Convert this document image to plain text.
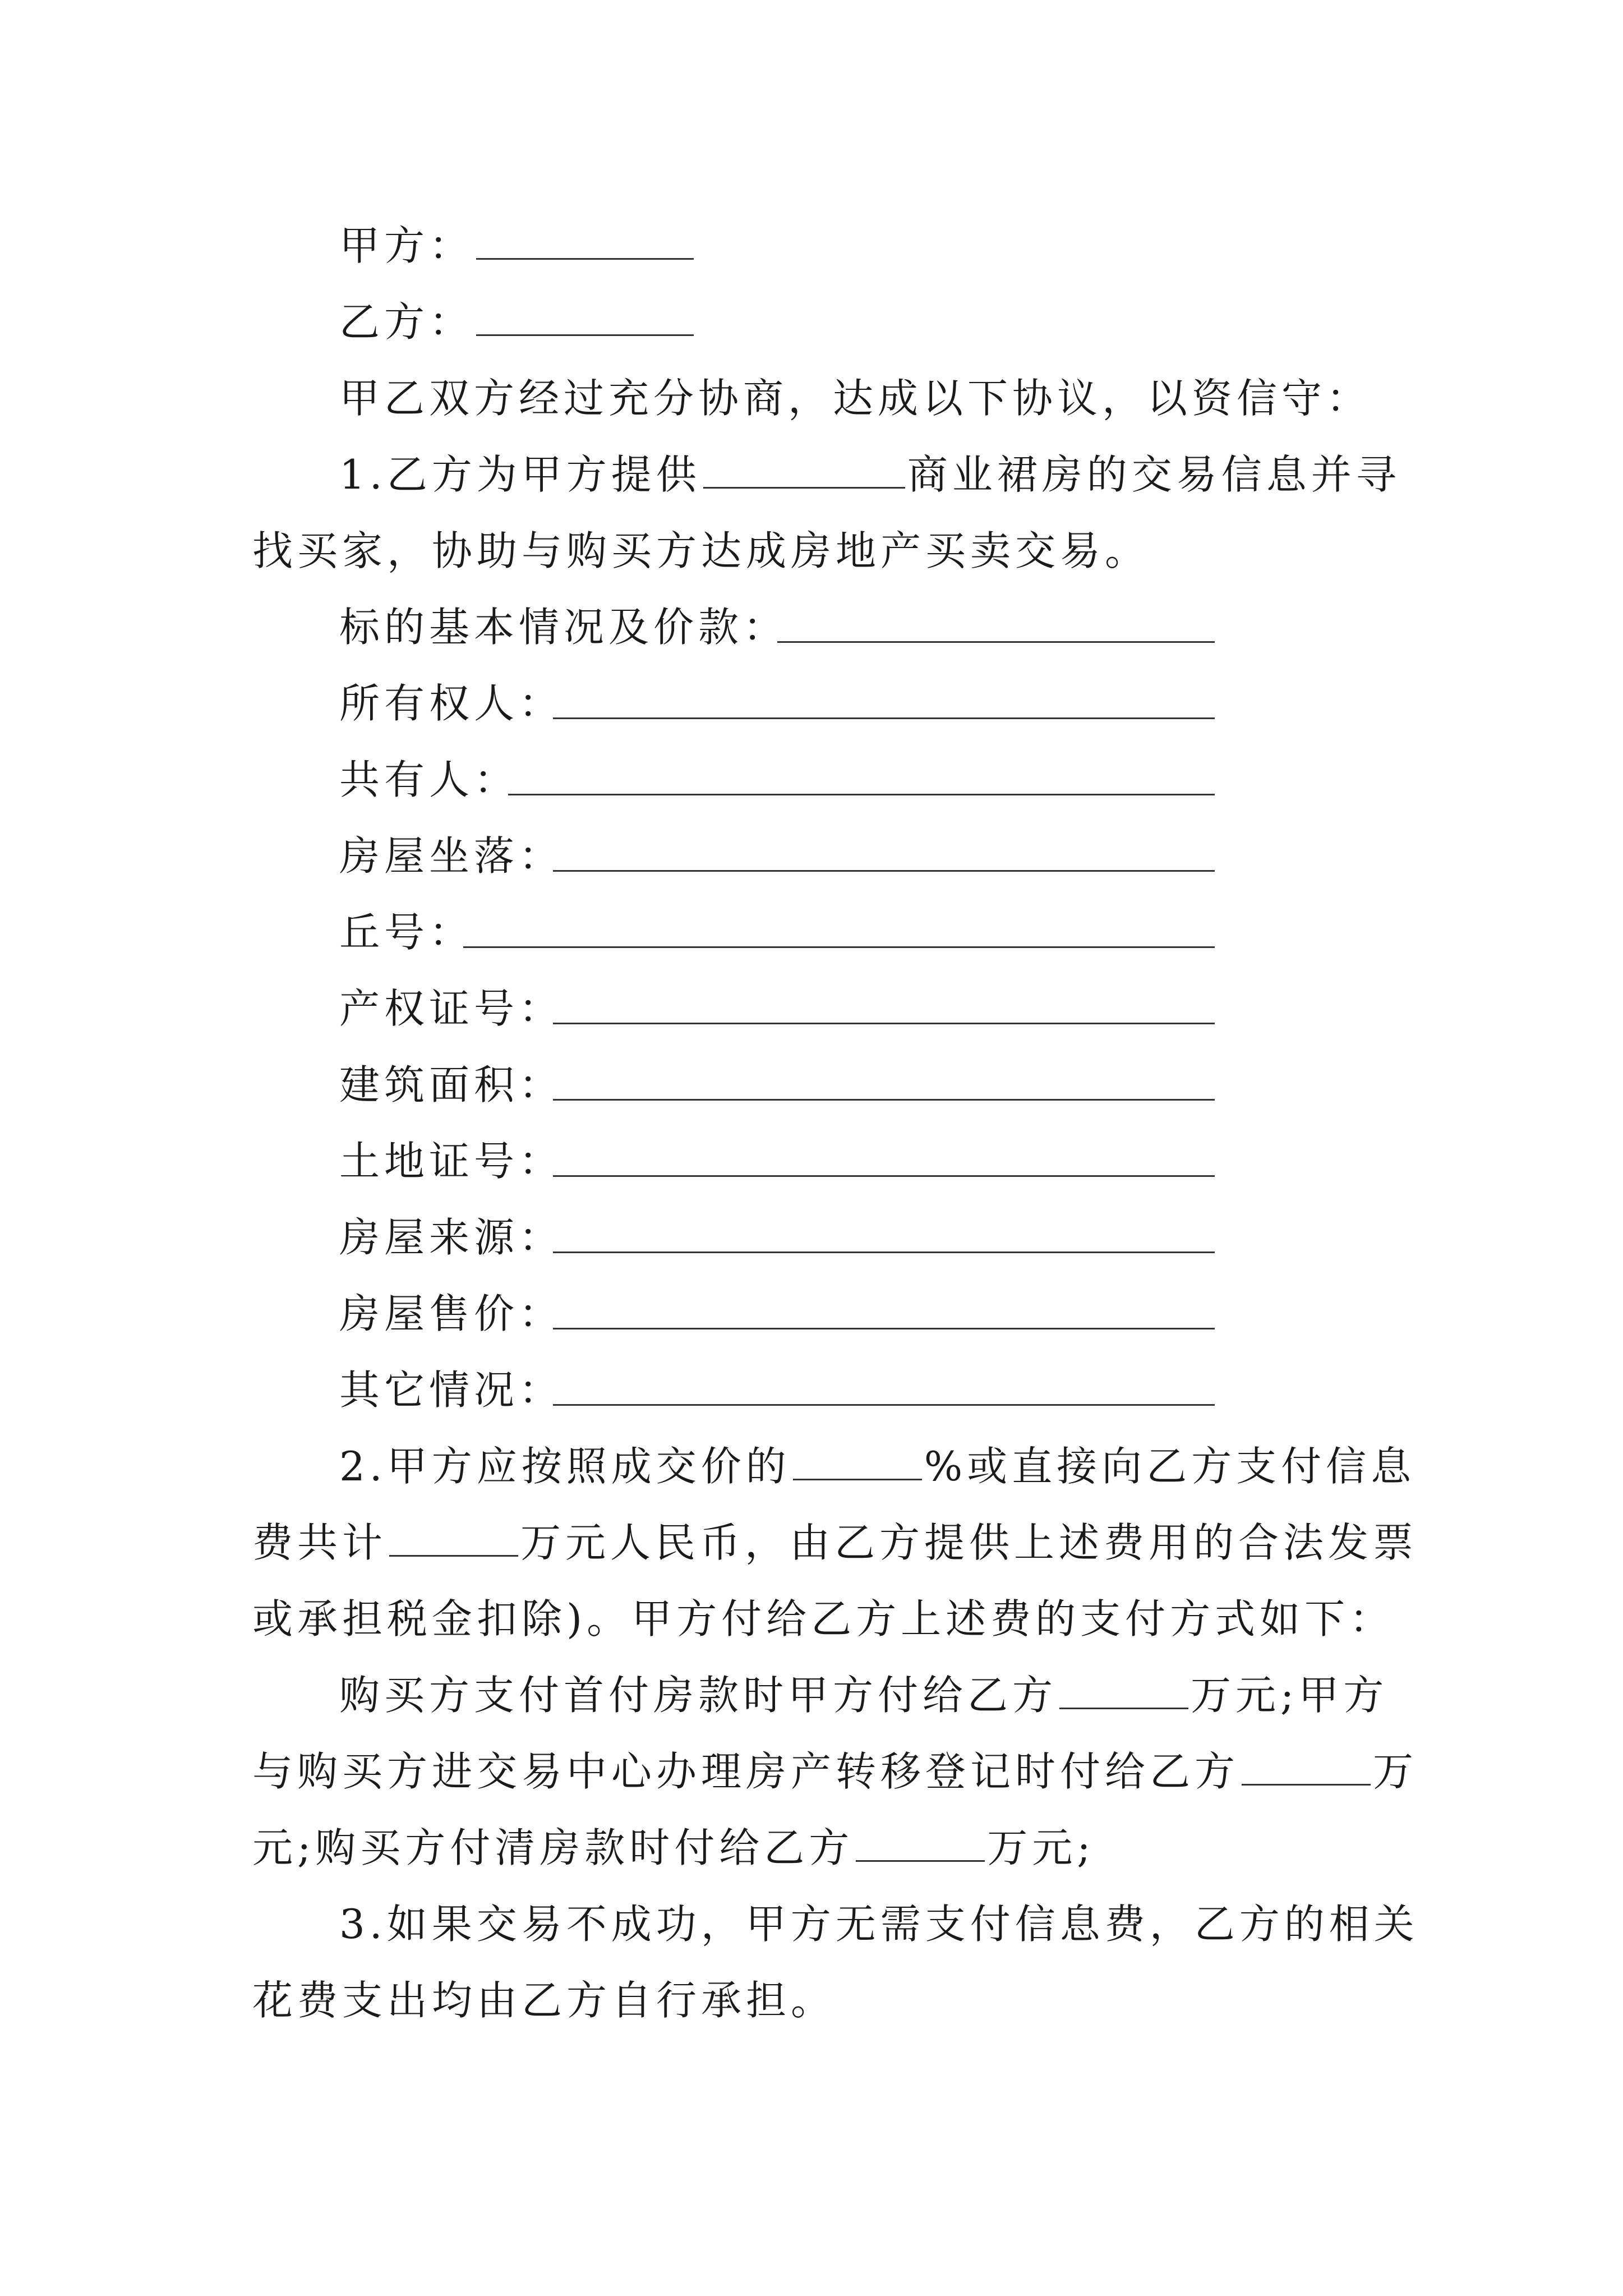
甲方：
乙方：
甲乙双方经过充分协商，达成以下协议，以资信守：
1.乙方为甲方提供	商业裙房的交易信息并寻
找买家，协助与购买方达成房地产买卖交易。
标的基本情况及价款：
所有权人：
共有人：
房屋坐落：
丘号：
产权证号：
建筑面积：
土地证号：
房屋来源：
房屋售价：
其它情况：
2.甲方应按照成交价的	%或直接向乙方支付信息
费共计	万元人民币，由乙方提供上述费用的合法发票
或承担税金扣除)。甲方付给乙方上述费的支付方式如下：
购买方支付首付房款时甲方付给乙方	万元;甲方
与购买方进交易中心办理房产转移登记时付给乙方	万
元;购买方付清房款时付给乙方	万元;
3.如果交易不成功，甲方无需支付信息费，乙方的相关
花费支出均由乙方自行承担。
